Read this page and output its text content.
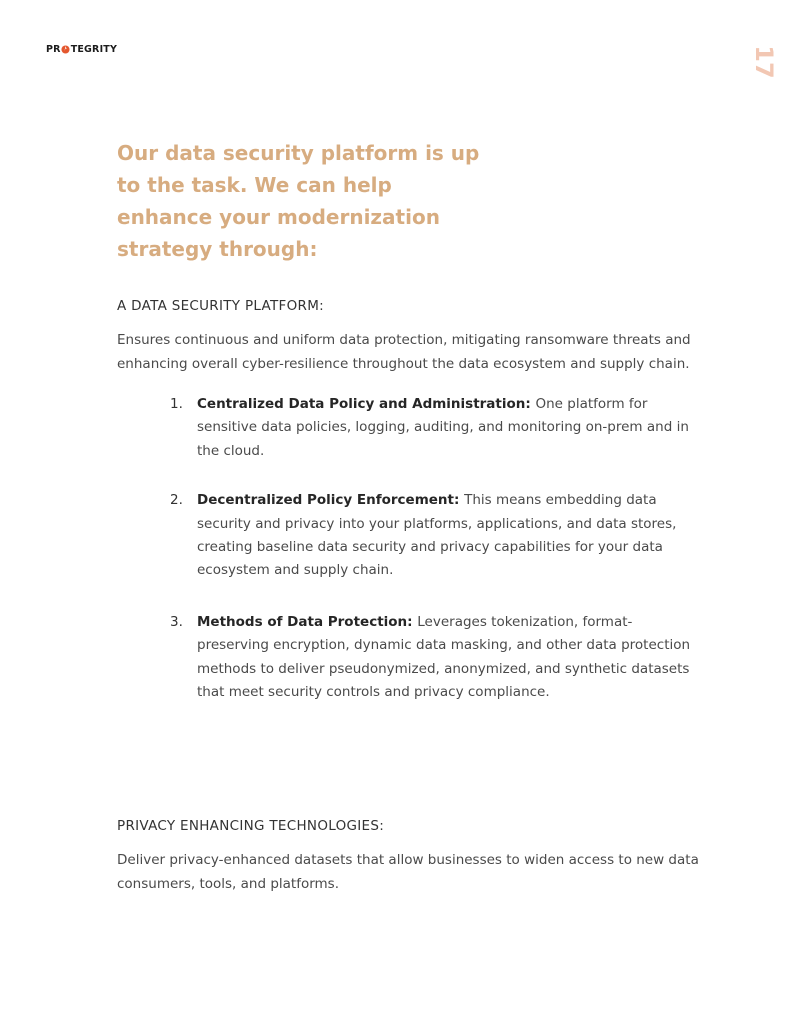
PR TEGRITY	17
Our data security platform is up to the task. We can help enhance your modernization strategy through:
A DATA SECURITY PLATFORM:

Ensures continuous and uniform data protection, mitigating ransomware threats and enhancing overall cyber-resilience throughout the data ecosystem and supply chain.

1. Centralized Data Policy and Administration: One platform for sensitive data policies, logging, auditing, and monitoring on-prem and in the cloud.
2. Decentralized Policy Enforcement: This means embedding data security and privacy into your platforms, applications, and data stores, creating baseline data security and privacy capabilities for your data ecosystem and supply chain.
3. Methods of Data Protection: Leverages tokenization, format-preserving encryption, dynamic data masking, and other data protection methods to deliver pseudonymized, anonymized, and synthetic datasets that meet security controls and privacy compliance.
PRIVACY ENHANCING TECHNOLOGIES:

Deliver privacy-enhanced datasets that allow businesses to widen access to new data consumers, tools, and platforms.
